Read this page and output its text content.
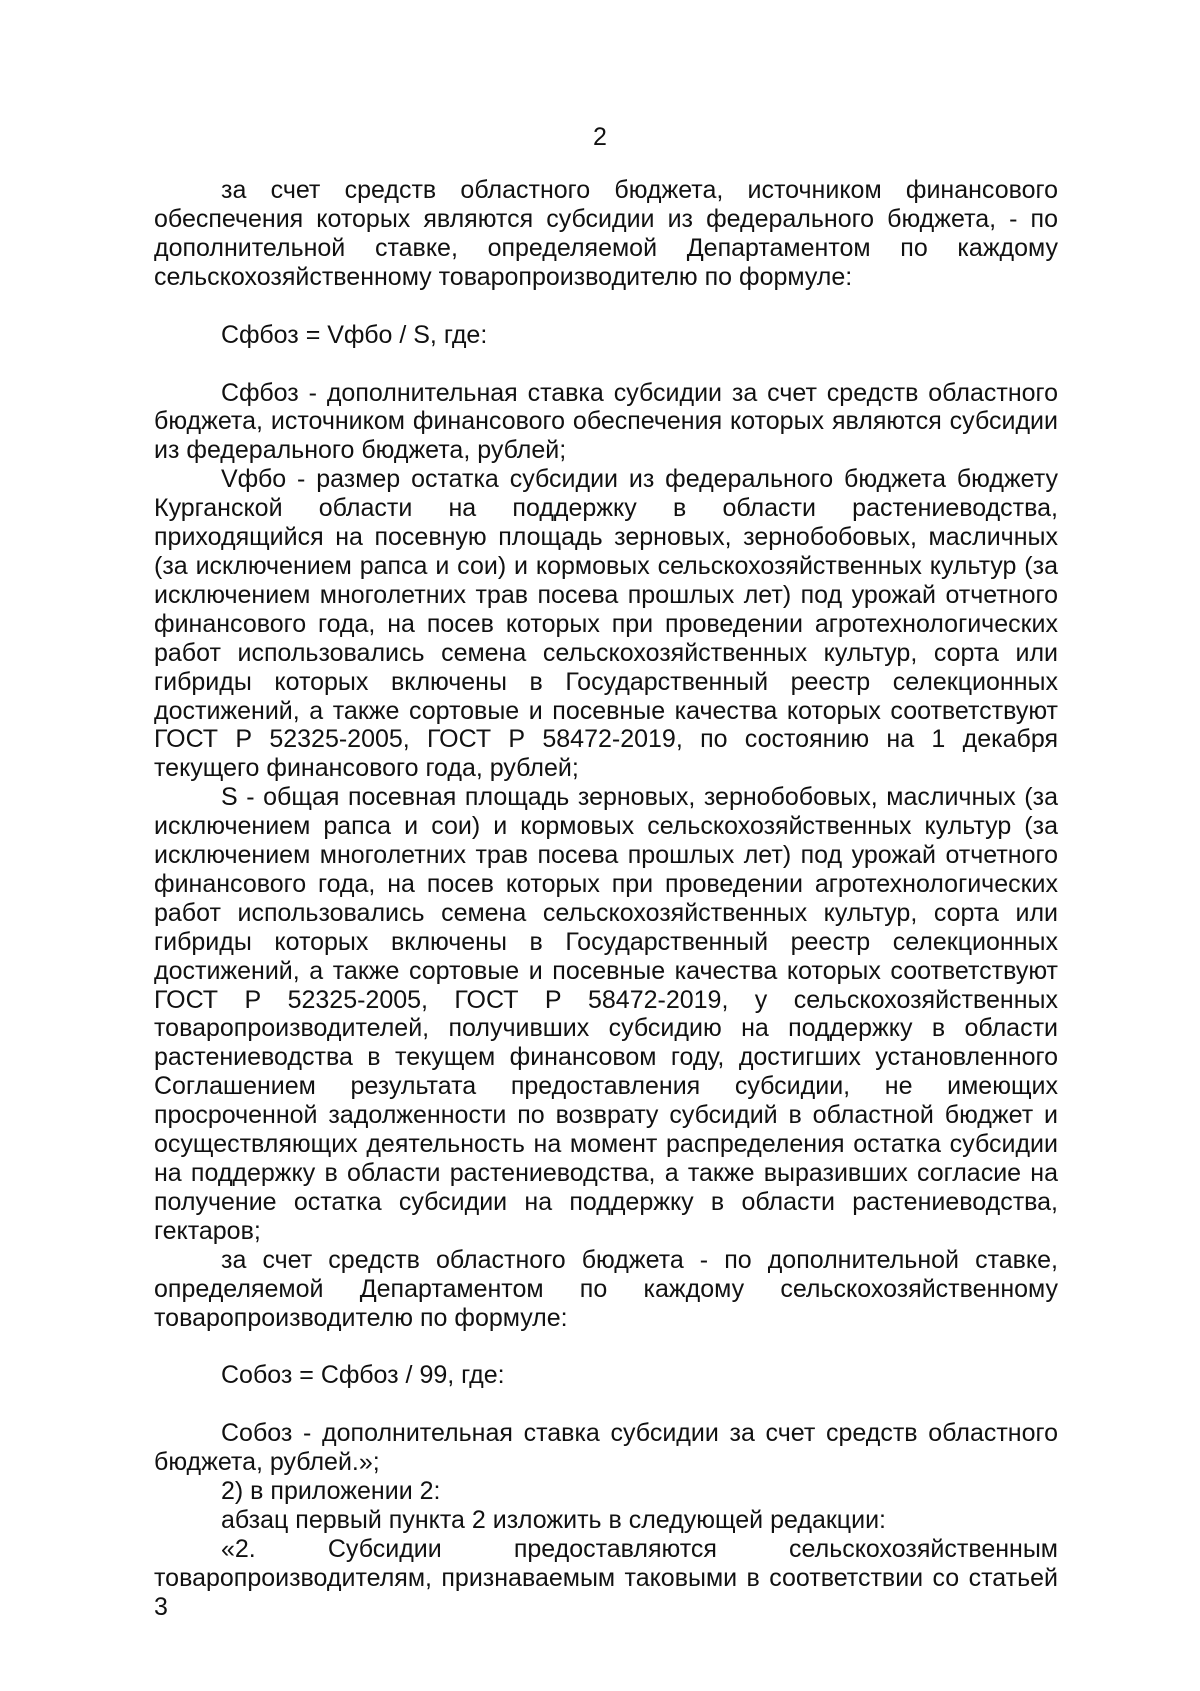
2

за счет средств областного бюджета, источником финансового обеспечения которых являются субсидии из федерального бюджета, - по дополнительной ставке, определяемой Департаментом по каждому сельскохозяйственному товаропроизводителю по формуле:

Сфбоз = Vфбо / S, где:

Сфбоз - дополнительная ставка субсидии за счет средств областного бюджета, источником финансового обеспечения которых являются субсидии из федерального бюджета, рублей;

Vфбо - размер остатка субсидии из федерального бюджета бюджету Курганской области на поддержку в области растениеводства, приходящийся на посевную площадь зерновых, зернобобовых, масличных (за исключением рапса и сои) и кормовых сельскохозяйственных культур (за исключением многолетних трав посева прошлых лет) под урожай отчетного финансового года, на посев которых при проведении агротехнологических работ использовались семена сельскохозяйственных культур, сорта или гибриды которых включены в Государственный реестр селекционных достижений, а также сортовые и посевные качества которых соответствуют ГОСТ Р 52325-2005, ГОСТ Р 58472-2019, по состоянию на 1 декабря текущего финансового года, рублей;

S - общая посевная площадь зерновых, зернобобовых, масличных (за исключением рапса и сои) и кормовых сельскохозяйственных культур (за исключением многолетних трав посева прошлых лет) под урожай отчетного финансового года, на посев которых при проведении агротехнологических работ использовались семена сельскохозяйственных культур, сорта или гибриды которых включены в Государственный реестр селекционных достижений, а также сортовые и посевные качества которых соответствуют ГОСТ Р 52325-2005, ГОСТ Р 58472-2019, у сельскохозяйственных товаропроизводителей, получивших субсидию на поддержку в области растениеводства в текущем финансовом году, достигших установленного Соглашением результата предоставления субсидии, не имеющих просроченной задолженности по возврату субсидий в областной бюджет и осуществляющих деятельность на момент распределения остатка субсидии на поддержку в области растениеводства, а также выразивших согласие на получение остатка субсидии на поддержку в области растениеводства, гектаров;

за счет средств областного бюджета - по дополнительной ставке, определяемой Департаментом по каждому сельскохозяйственному товаропроизводителю по формуле:

Собоз = Сфбоз / 99, где:

Собоз - дополнительная ставка субсидии за счет средств областного бюджета, рублей.»;

2) в приложении 2:

абзац первый пункта 2 изложить в следующей редакции:

«2. Субсидии предоставляются сельскохозяйственным товаропроизводителям, признаваемым таковыми в соответствии со статьей 3
